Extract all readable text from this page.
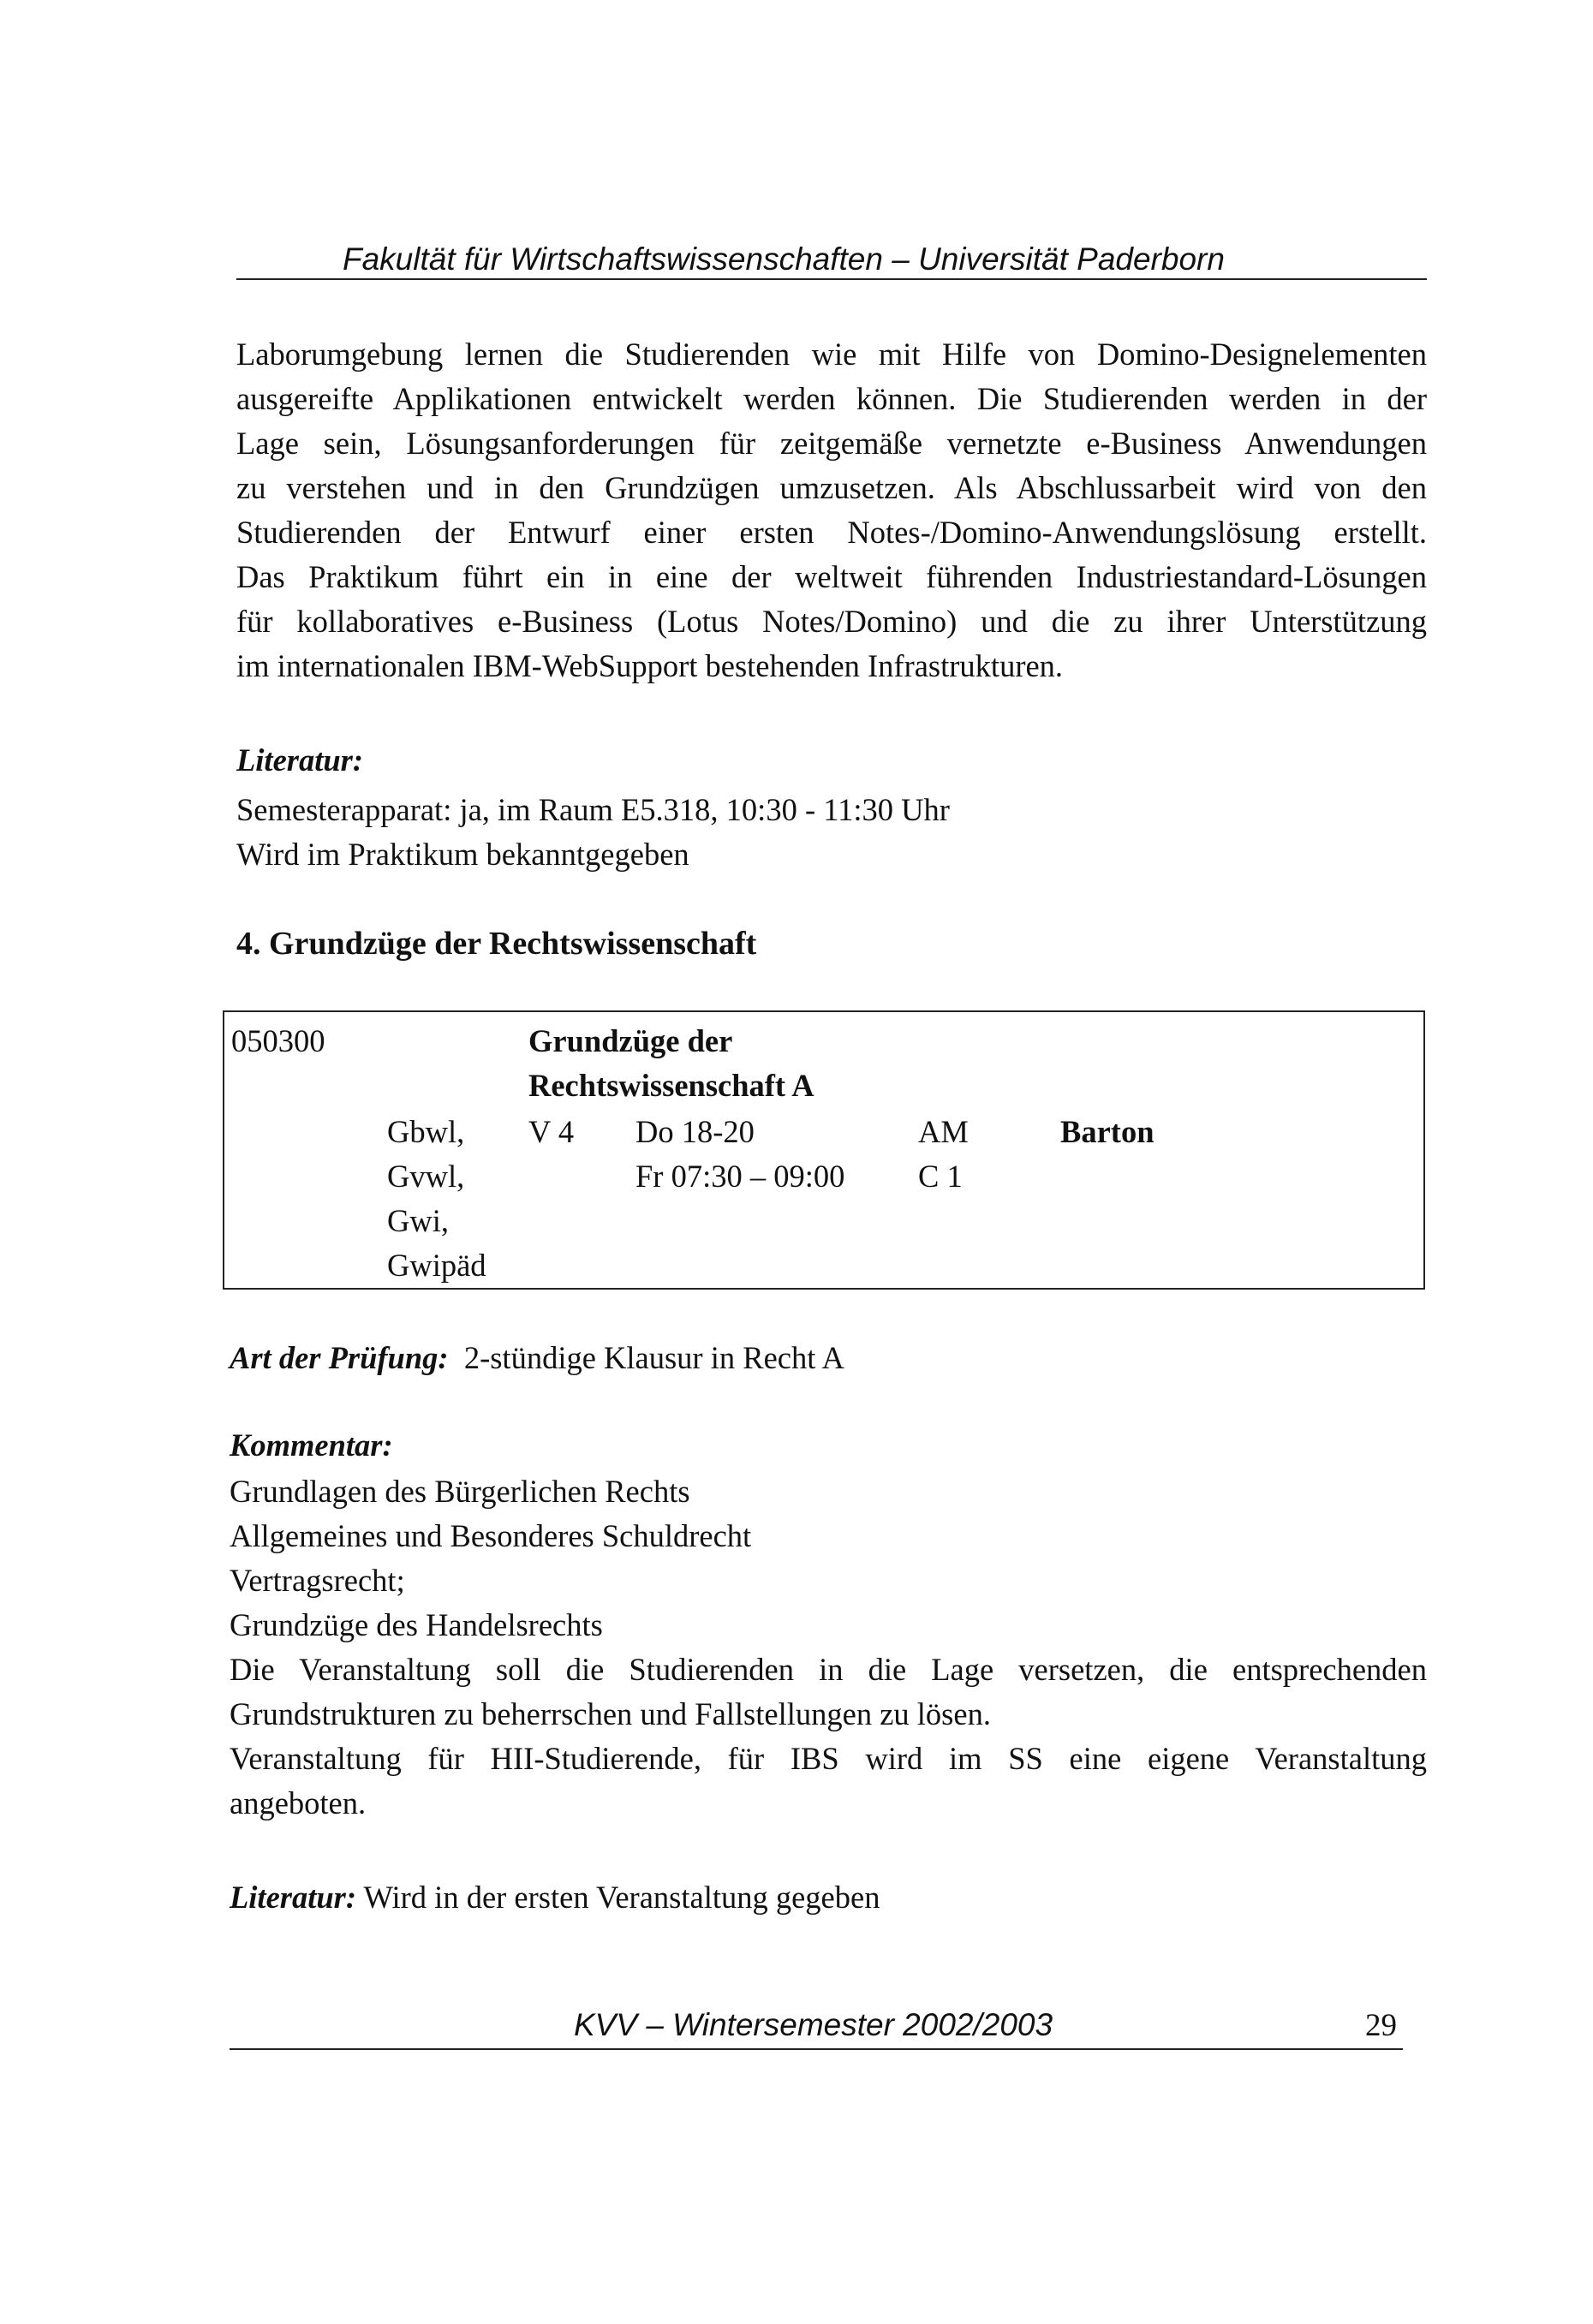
Fakultät für Wirtschaftswissenschaften – Universität Paderborn
Laborumgebung lernen die Studierenden wie mit Hilfe von Domino-Designelementen
ausgereifte Applikationen entwickelt werden können. Die Studierenden werden in der
Lage sein, Lösungsanforderungen für zeitgemäße vernetzte e-Business Anwendungen
zu verstehen und in den Grundzügen umzusetzen. Als Abschlussarbeit wird von den
Studierenden der Entwurf einer ersten Notes-/Domino-Anwendungslösung erstellt.
Das Praktikum führt ein in eine der weltweit führenden Industriestandard-Lösungen
für kollaboratives e-Business (Lotus Notes/Domino) und die zu ihrer Unterstützung
im internationalen IBM-WebSupport bestehenden Infrastrukturen.
Literatur:
Semesterapparat: ja, im Raum E5.318, 10:30 - 11:30 Uhr
Wird im Praktikum bekanntgegeben
4. Grundzüge der Rechtswissenschaft
050300	Grundzüge der
Rechtswissenschaft A
Gbwl,
Gvwl,
Gwi,
Gwipäd
V 4 Do 18-20
Fr 07:30 – 09:00
AM
C 1
Barton
Art der Prüfung: 2-stündige Klausur in Recht A
Kommentar:
Grundlagen des Bürgerlichen Rechts
Allgemeines und Besonderes Schuldrecht
Vertragsrecht;
Grundzüge des Handelsrechts
Die Veranstaltung soll die Studierenden in die Lage versetzen, die entsprechenden
Grundstrukturen zu beherrschen und Fallstellungen zu lösen.
Veranstaltung für HII-Studierende, für IBS wird im SS eine eigene Veranstaltung
angeboten.
Literatur: Wird in der ersten Veranstaltung gegeben
KVV – Wintersemester 2002/2003	29
